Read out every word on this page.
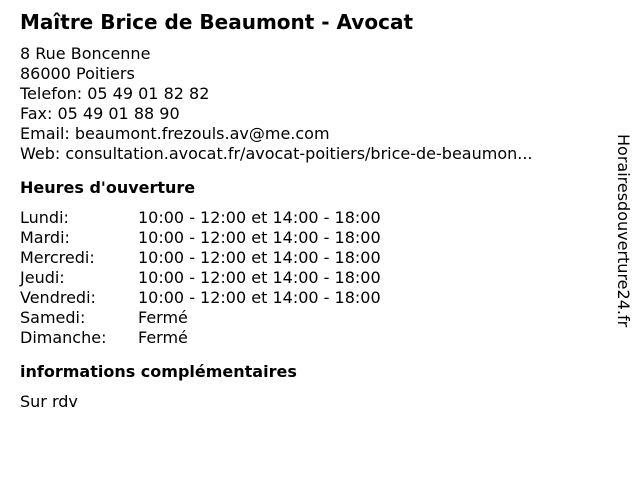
Maître Brice de Beaumont - Avocat
8 Rue Boncenne
86000 Poitiers
Telefon: 05 49 01 82 82
Fax: 05 49 01 88 90
Email: beaumont.frezouls.av@me.com
Web: consultation.avocat.fr/avocat-poitiers/brice-de-beaumon...
Heures d'ouverture
Lundi:	10:00 - 12:00 et 14:00 - 18:00
Mardi:	10:00 - 12:00 et 14:00 - 18:00
Mercredi:	10:00 - 12:00 et 14:00 - 18:00
Jeudi:	10:00 - 12:00 et 14:00 - 18:00
Vendredi:	10:00 - 12:00 et 14:00 - 18:00
Samedi:	Fermé
Dimanche:	Fermé
informations complémentaires
Sur rdv
Horairesdouverture24.fr
